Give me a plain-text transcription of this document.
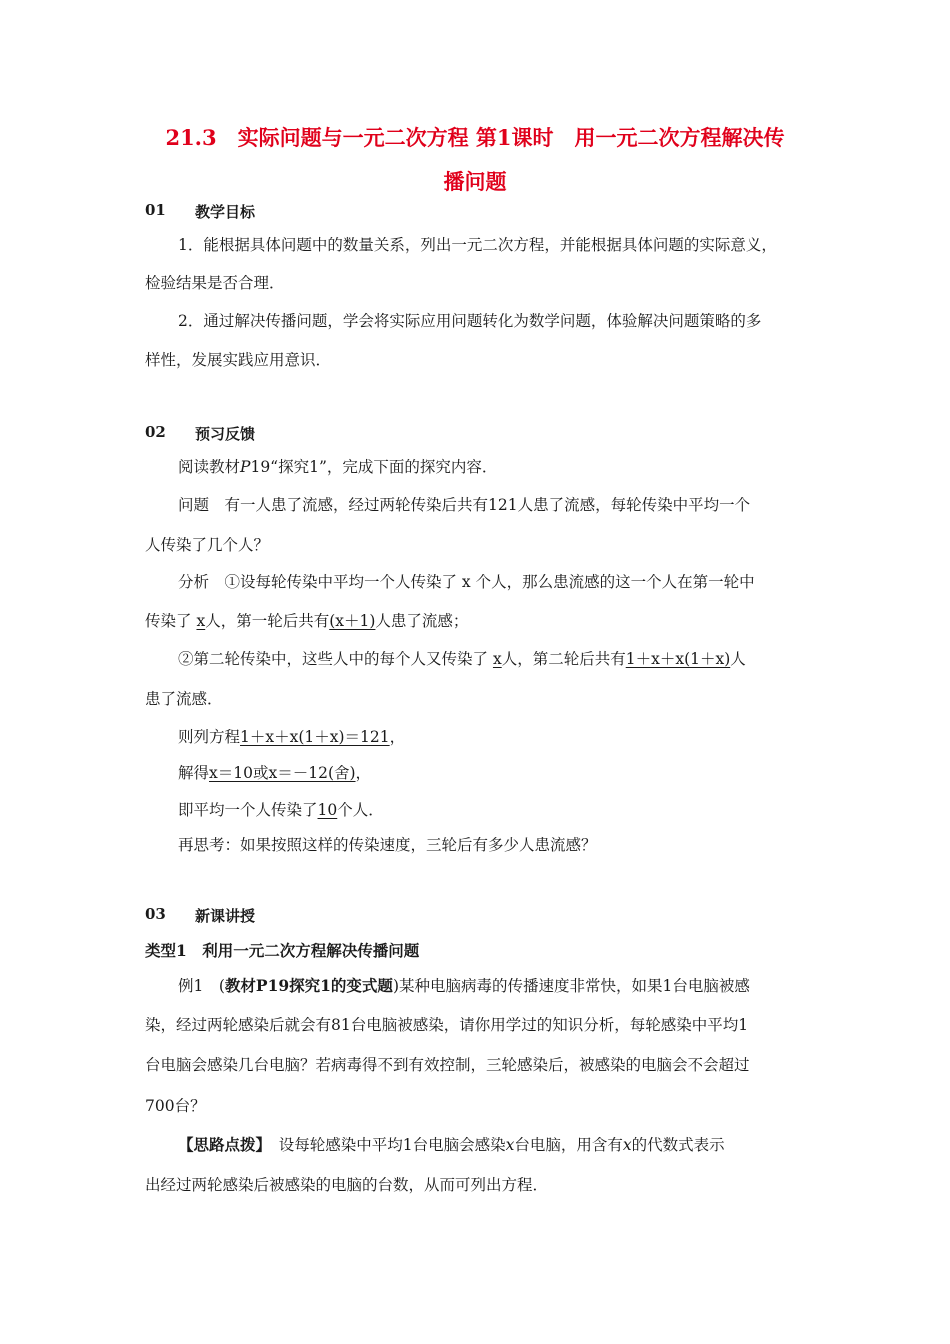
21.3　实际问题与一元二次方程 第1课时　用一元二次方程解决传
播问题
01 教学目标
1．能根据具体问题中的数量关系，列出一元二次方程，并能根据具体问题的实际意义，
检验结果是否合理．
2．通过解决传播问题，学会将实际应用问题转化为数学问题，体验解决问题策略的多
样性，发展实践应用意识．
02 预习反馈
阅读教材P19“探究1”，完成下面的探究内容．
问题　有一人患了流感，经过两轮传染后共有121人患了流感，每轮传染中平均一个
人传染了几个人？
分析　①设每轮传染中平均一个人传染了 x 个人，那么患流感的这一个人在第一轮中
传染了 x人，第一轮后共有(x＋1)人患了流感；
②第二轮传染中，这些人中的每个人又传染了 x人，第二轮后共有1＋x＋x(1＋x)人
患了流感．
则列方程1＋x＋x(1＋x)＝121，
解得x＝10或x＝－12(舍)，
即平均一个人传染了10个人．
再思考：如果按照这样的传染速度，三轮后有多少人患流感？
03 新课讲授
类型1　利用一元二次方程解决传播问题
例1　(教材P19探究1的变式题)某种电脑病毒的传播速度非常快，如果1台电脑被感
染，经过两轮感染后就会有81台电脑被感染，请你用学过的知识分析，每轮感染中平均1
台电脑会感染几台电脑？若病毒得不到有效控制，三轮感染后，被感染的电脑会不会超过
700台？
【思路点拨】　设每轮感染中平均1台电脑会感染x台电脑，用含有x的代数式表示
出经过两轮感染后被感染的电脑的台数，从而可列出方程．
